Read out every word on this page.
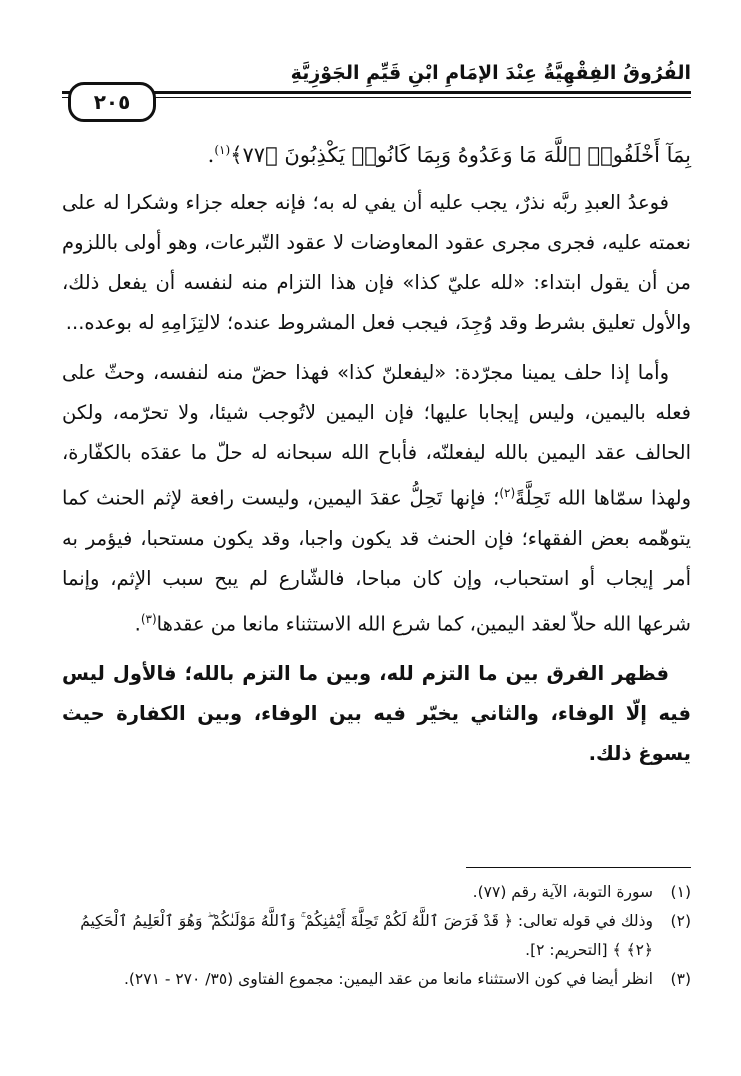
الفُرُوقُ الفِقْهِيَّةُ عِنْدَ الإمَامِ ابْنِ قَيِّمِ الجَوْزِيَّةِ
٢٠٥

بِمَآ أَخْلَفُوا۟ ٱللَّهَ مَا وَعَدُوهُ وَبِمَا كَانُوا۟ يَكْذِبُونَ ﴿٧٧﴾$^{(١)}$.

فوعدُ العبدِ ربَّه نذرٌ، يجب عليه أن يفي له به؛ فإنه جعله جزاء وشكرا له على نعمته عليه، فجرى مجرى عقود المعاوضات لا عقود التّبرعات، وهو أولى باللزوم من أن يقول ابتداء: «لله عليّ كذا» فإن هذا التزام منه لنفسه أن يفعل ذلك، والأول تعليق بشرط وقد وُجِدَ، فيجب فعل المشروط عنده؛ لالتِزَامِهِ له بوعده...

وأما إذا حلف يمينا مجرّدة: «ليفعلنّ كذا» فهذا حضّ منه لنفسه، وحثّ على فعله باليمين، وليس إيجابا عليها؛ فإن اليمين لاتُوجب شيئا، ولا تحرّمه، ولكن الحالف عقد اليمين بالله ليفعلنّه، فأباح الله سبحانه له حلّ ما عقدَه بالكفّارة، ولهذا سمّاها الله تَحِلَّةً$^{(٢)}$؛ فإنها تَحِلُّ عقدَ اليمين، وليست رافعة لإثم الحنث كما يتوهّمه بعض الفقهاء؛ فإن الحنث قد يكون واجبا، وقد يكون مستحبا، فيؤمر به أمر إيجاب أو استحباب، وإن كان مباحا، فالشّارع لم يبح سبب الإثم، وإنما شرعها الله حلاّ لعقد اليمين، كما شرع الله الاستثناء مانعا من عقدها$^{(٣)}$.

فظهر الفرق بين ما التزم لله، وبين ما التزم بالله؛ فالأول ليس فيه إلّا الوفاء، والثاني يخيّر فيه بين الوفاء، وبين الكفارة حيث يسوغ ذلك.

(١)
سورة التوبة، الآية رقم (٧٧).
(٢)
وذلك في قوله تعالى: ﴿ قَدْ فَرَضَ ٱللَّهُ لَكُمْ تَحِلَّةَ أَيْمَٰنِكُمْ ۚ وَٱللَّهُ مَوْلَىٰكُمْ ۖ وَهُوَ ٱلْعَلِيمُ ٱلْحَكِيمُ ﴿٢﴾ ﴾ [التحريم: ٢].
(٣)
انظر أيضا في كون الاستثناء مانعا من عقد اليمين: مجموع الفتاوى (٣٥/ ٢٧٠ - ٢٧١).
